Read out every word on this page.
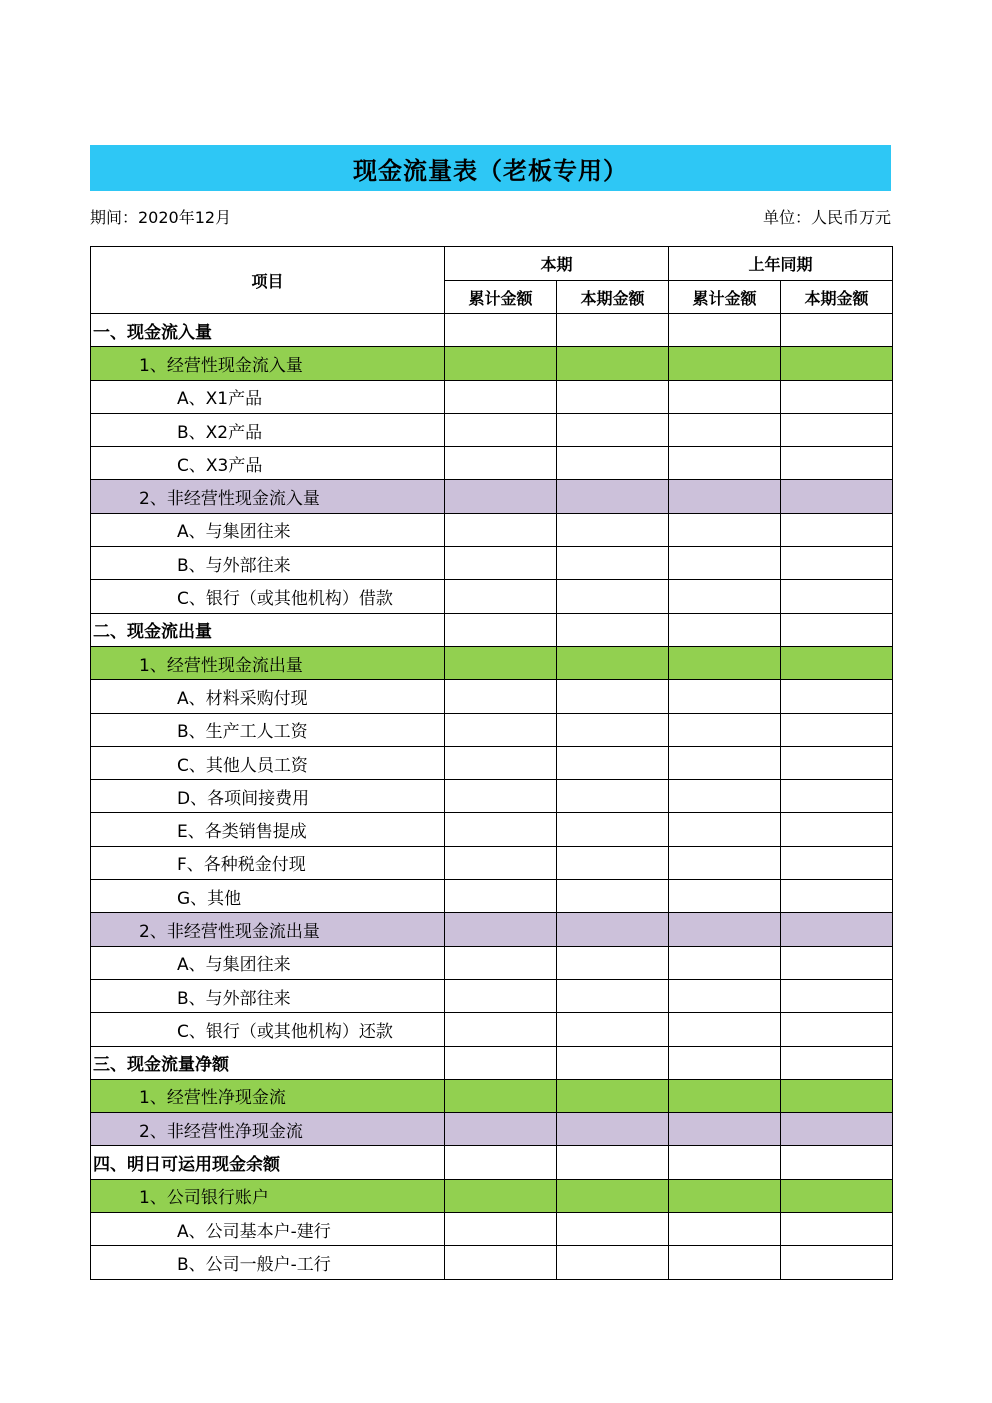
现金流量表（老板专用）
期间：2020年12月	单位：人民币万元
项目	本期		上年同期	
	累计金额	本期金额	累计金额	本期金额
一、现金流入量				
1、经营性现金流入量				
A、X1产品				
B、X2产品				
C、X3产品				
2、非经营性现金流入量				
A、与集团往来				
B、与外部往来				
C、银行（或其他机构）借款				
二、现金流出量				
1、经营性现金流出量				
A、材料采购付现				
B、生产工人工资				
C、其他人员工资				
D、各项间接费用				
E、各类销售提成				
F、各种税金付现				
G、其他				
2、非经营性现金流出量				
A、与集团往来				
B、与外部往来				
C、银行（或其他机构）还款				
三、现金流量净额				
1、经营性净现金流				
2、非经营性净现金流				
四、明日可运用现金余额				
1、公司银行账户				
A、公司基本户-建行				
B、公司一般户-工行				
